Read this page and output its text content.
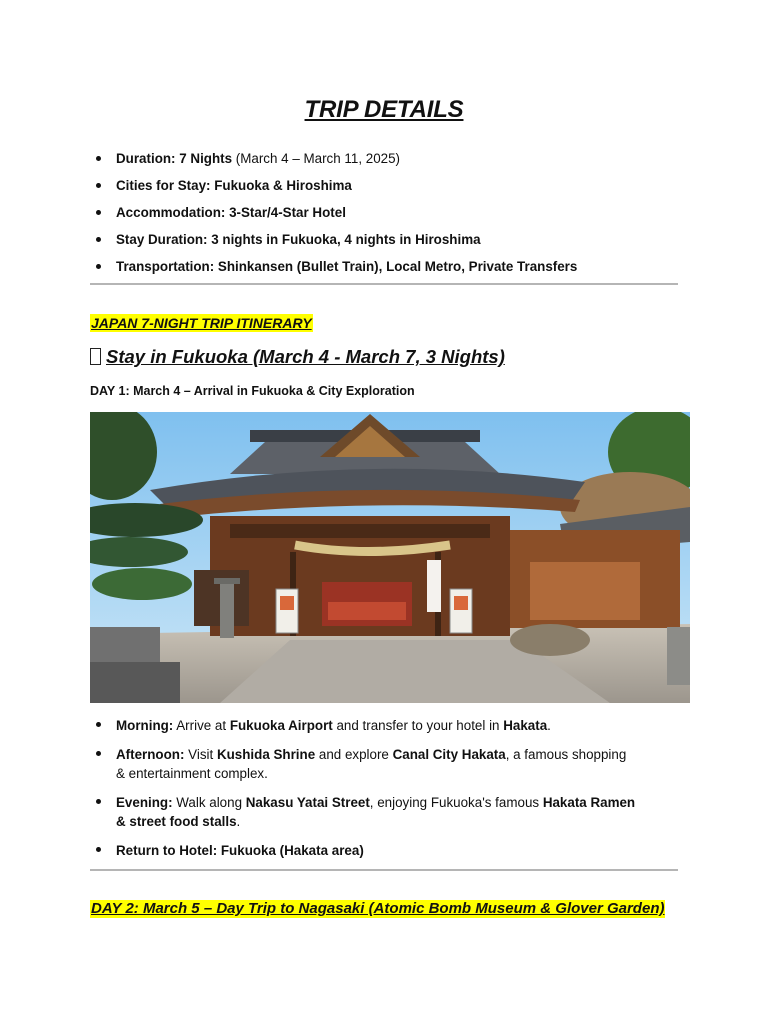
TRIP DETAILS
Duration: 7 Nights (March 4 – March 11, 2025)
Cities for Stay: Fukuoka & Hiroshima
Accommodation: 3-Star/4-Star Hotel
Stay Duration: 3 nights in Fukuoka, 4 nights in Hiroshima
Transportation: Shinkansen (Bullet Train), Local Metro, Private Transfers
JAPAN 7-NIGHT TRIP ITINERARY
Stay in Fukuoka (March 4 - March 7, 3 Nights)
DAY 1: March 4 – Arrival in Fukuoka & City Exploration
Morning: Arrive at Fukuoka Airport and transfer to your hotel in Hakata.
Afternoon: Visit Kushida Shrine and explore Canal City Hakata, a famous shopping & entertainment complex.
Evening: Walk along Nakasu Yatai Street, enjoying Fukuoka's famous Hakata Ramen & street food stalls.
Return to Hotel: Fukuoka (Hakata area)
DAY 2: March 5 – Day Trip to Nagasaki (Atomic Bomb Museum & Glover Garden)
